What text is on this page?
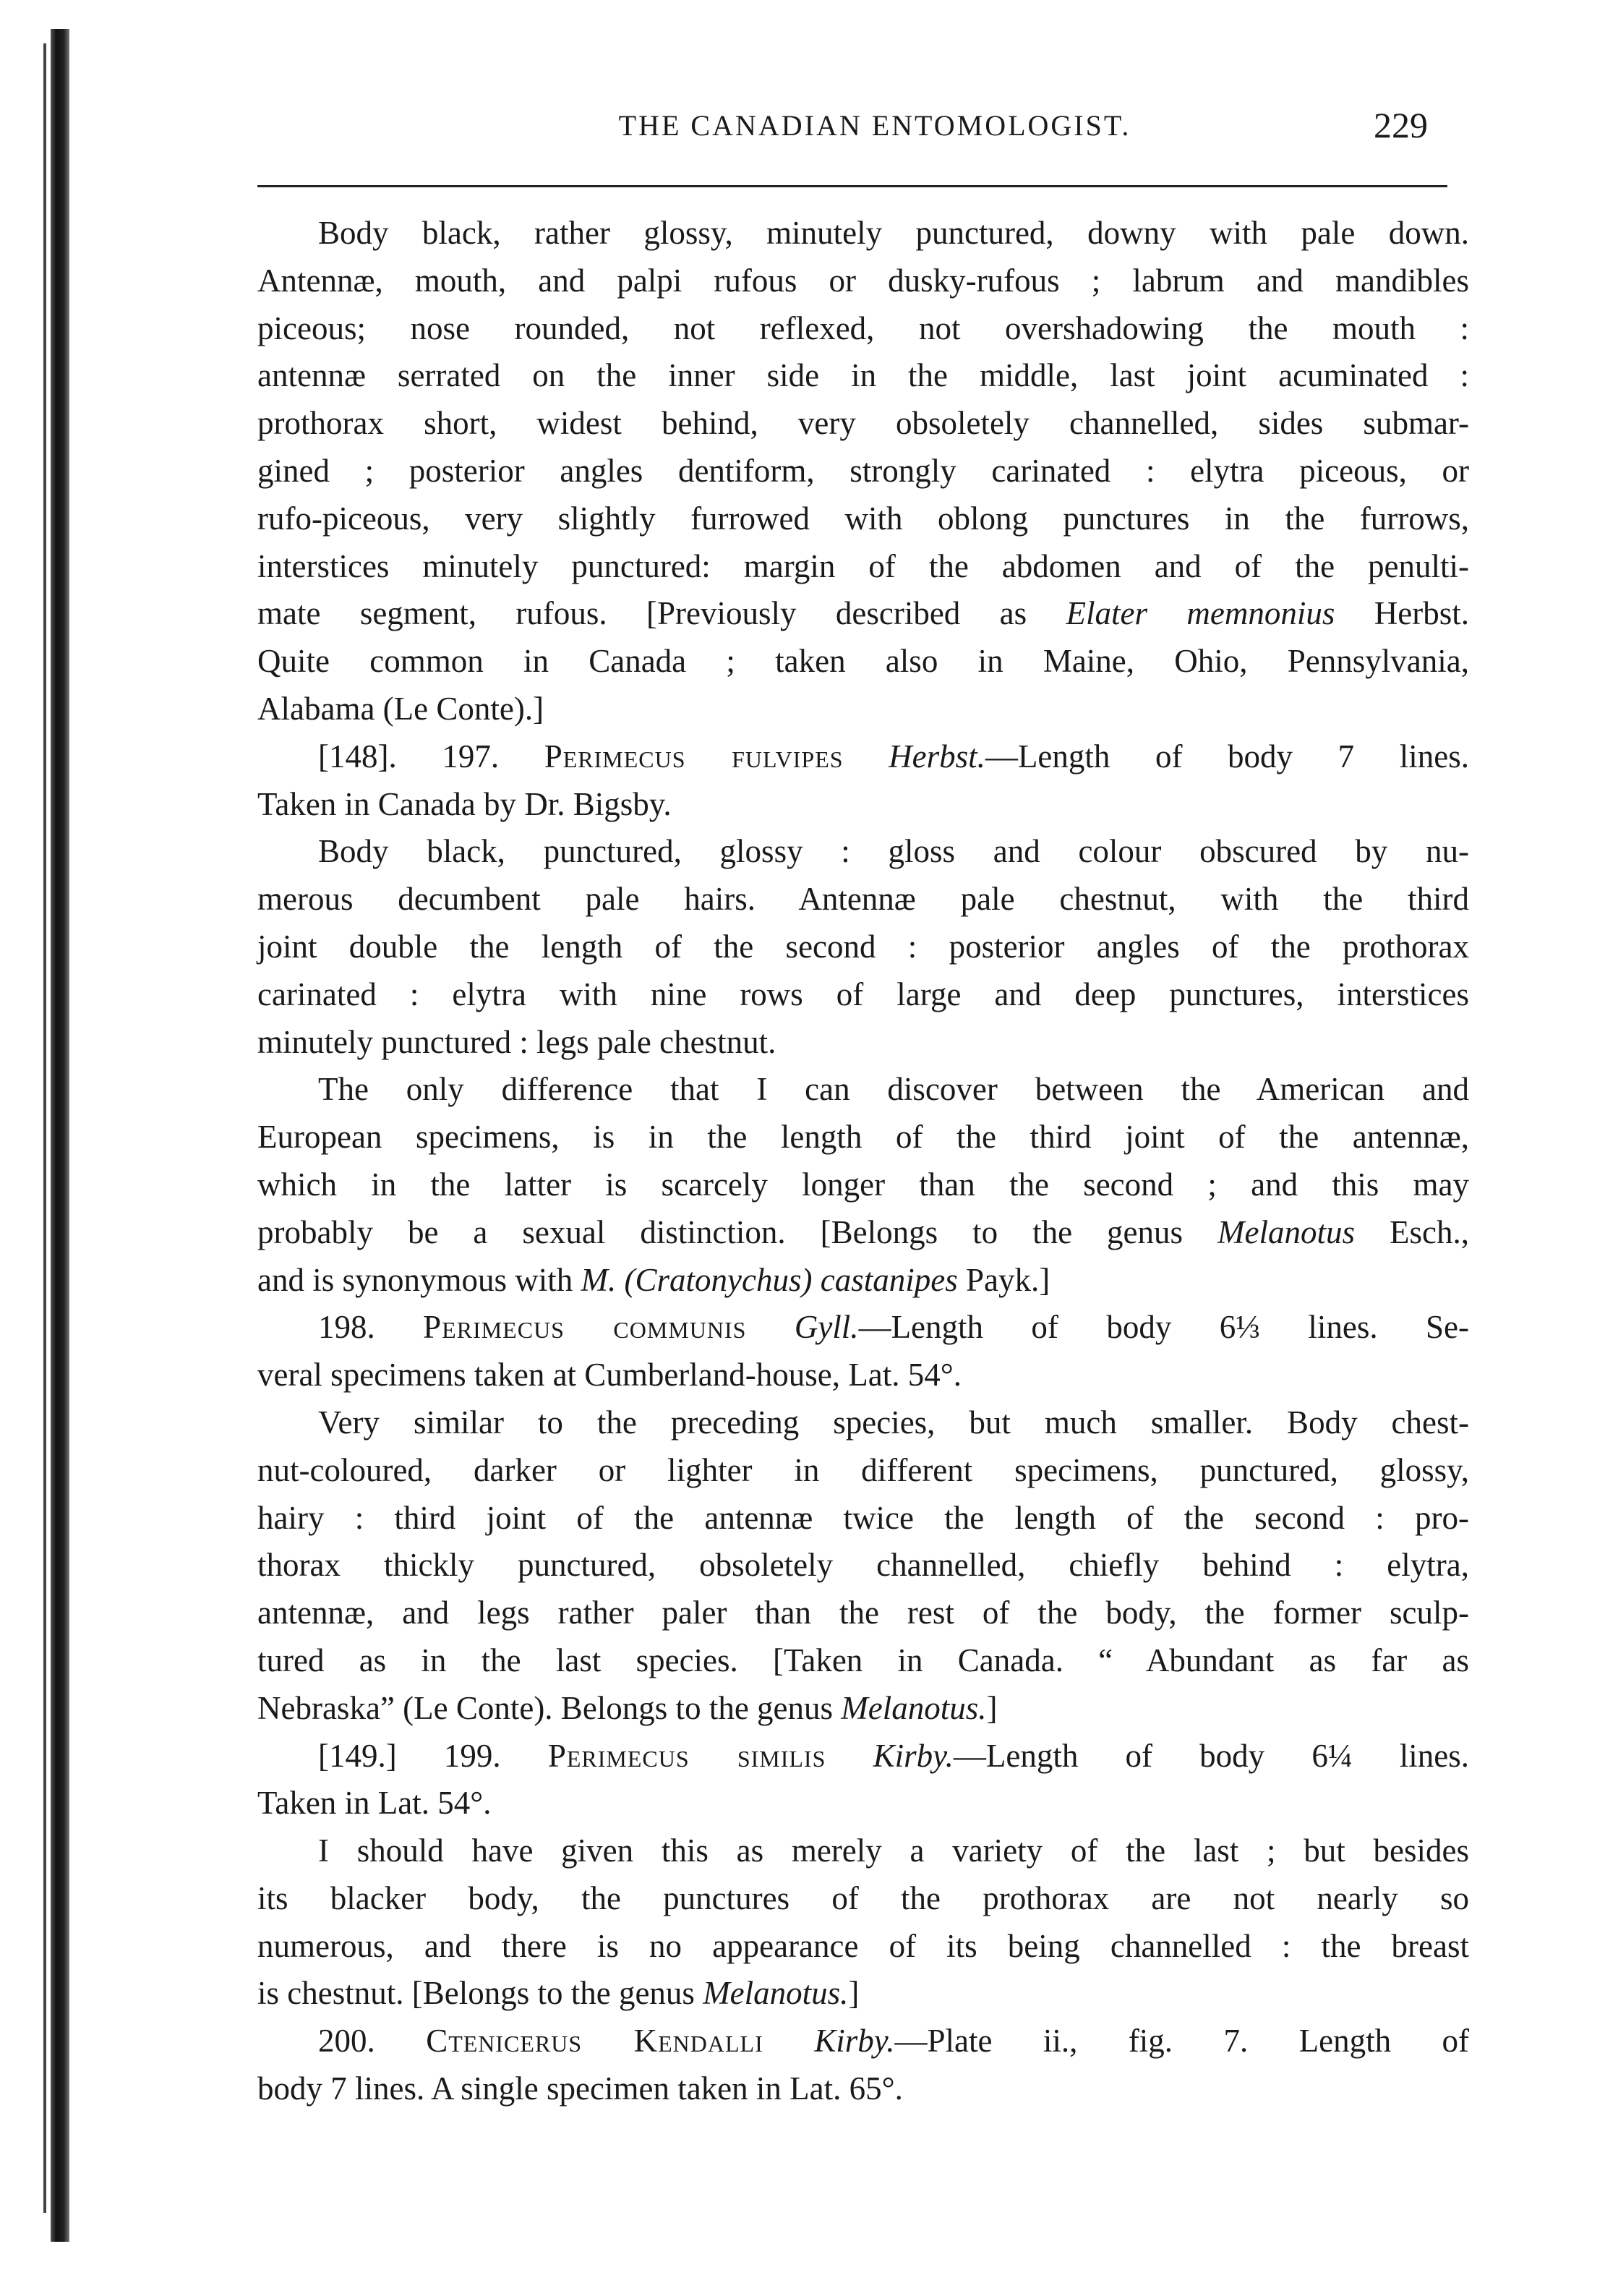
THE CANADIAN ENTOMOLOGIST.	229
Body black, rather glossy, minutely punctured, downy with pale down.
Antennæ, mouth, and palpi rufous or dusky-rufous ; labrum and mandibles
piceous; nose rounded, not reflexed, not overshadowing the mouth :
antennæ serrated on the inner side in the middle, last joint acuminated :
prothorax short, widest behind, very obsoletely channelled, sides submar-
gined ; posterior angles dentiform, strongly carinated : elytra piceous, or
rufo-piceous, very slightly furrowed with oblong punctures in the furrows,
interstices minutely punctured: margin of the abdomen and of the penulti-
mate segment, rufous. [Previously described as Elater memnonius Herbst.
Quite common in Canada ; taken also in Maine, Ohio, Pennsylvania,
Alabama (Le Conte).]
[148]. 197. Perimecus fulvipes Herbst.—Length of body 7 lines.
Taken in Canada by Dr. Bigsby.
Body black, punctured, glossy : gloss and colour obscured by nu-
merous decumbent pale hairs. Antennæ pale chestnut, with the third
joint double the length of the second : posterior angles of the prothorax
carinated : elytra with nine rows of large and deep punctures, interstices
minutely punctured : legs pale chestnut.
The only difference that I can discover between the American and
European specimens, is in the length of the third joint of the antennæ,
which in the latter is scarcely longer than the second ; and this may
probably be a sexual distinction. [Belongs to the genus Melanotus Esch.,
and is synonymous with M. (Cratonychus) castanipes Payk.]
198. Perimecus communis Gyll.—Length of body 6⅓ lines. Se-
veral specimens taken at Cumberland-house, Lat. 54°.
Very similar to the preceding species, but much smaller. Body chest-
nut-coloured, darker or lighter in different specimens, punctured, glossy,
hairy : third joint of the antennæ twice the length of the second : pro-
thorax thickly punctured, obsoletely channelled, chiefly behind : elytra,
antennæ, and legs rather paler than the rest of the body, the former sculp-
tured as in the last species. [Taken in Canada. “ Abundant as far as
Nebraska” (Le Conte). Belongs to the genus Melanotus.]
[149.] 199. Perimecus similis Kirby.—Length of body 6¼ lines.
Taken in Lat. 54°.
I should have given this as merely a variety of the last ; but besides
its blacker body, the punctures of the prothorax are not nearly so
numerous, and there is no appearance of its being channelled : the breast
is chestnut. [Belongs to the genus Melanotus.]
200. Ctenicerus Kendalli Kirby.—Plate ii., fig. 7. Length of
body 7 lines. A single specimen taken in Lat. 65°.
